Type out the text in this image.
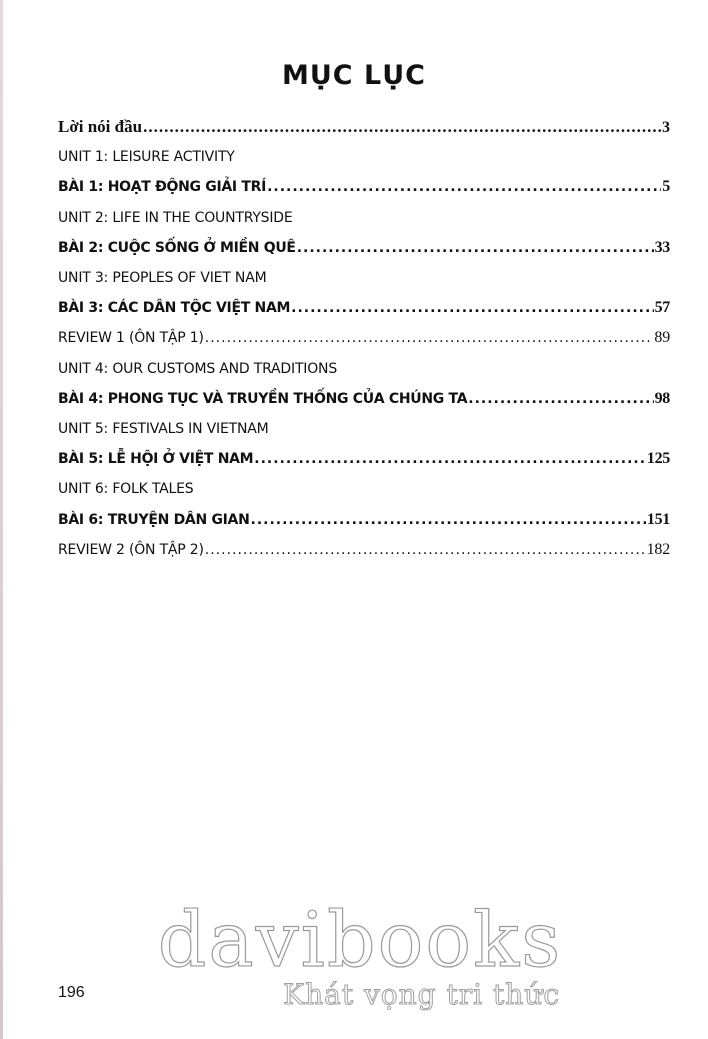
MỤC LỤC
Lời nói đầu .....	3
UNIT 1: LEISURE ACTIVITY
BÀI 1: HOẠT ĐỘNG GIẢI TRÍ .....	5
UNIT 2: LIFE IN THE COUNTRYSIDE
BÀI 2: CUỘC SỐNG Ở MIỀN QUÊ .....	33
UNIT 3: PEOPLES OF VIET NAM
BÀI 3: CÁC DÂN TỘC VIỆT NAM .....	57
REVIEW 1 (ÔN TẬP 1) .....	89
UNIT 4: OUR CUSTOMS AND TRADITIONS
BÀI 4: PHONG TỤC VÀ TRUYỀN THỐNG CỦA CHÚNG TA .....	98
UNIT 5: FESTIVALS IN VIETNAM
BÀI 5: LỄ HỘI Ở VIỆT NAM .....	125
UNIT 6: FOLK TALES
BÀI 6: TRUYỆN DÂN GIAN .....	151
REVIEW 2 (ÔN TẬP 2) .....	182
196
davibooks
Khát vọng tri thức
